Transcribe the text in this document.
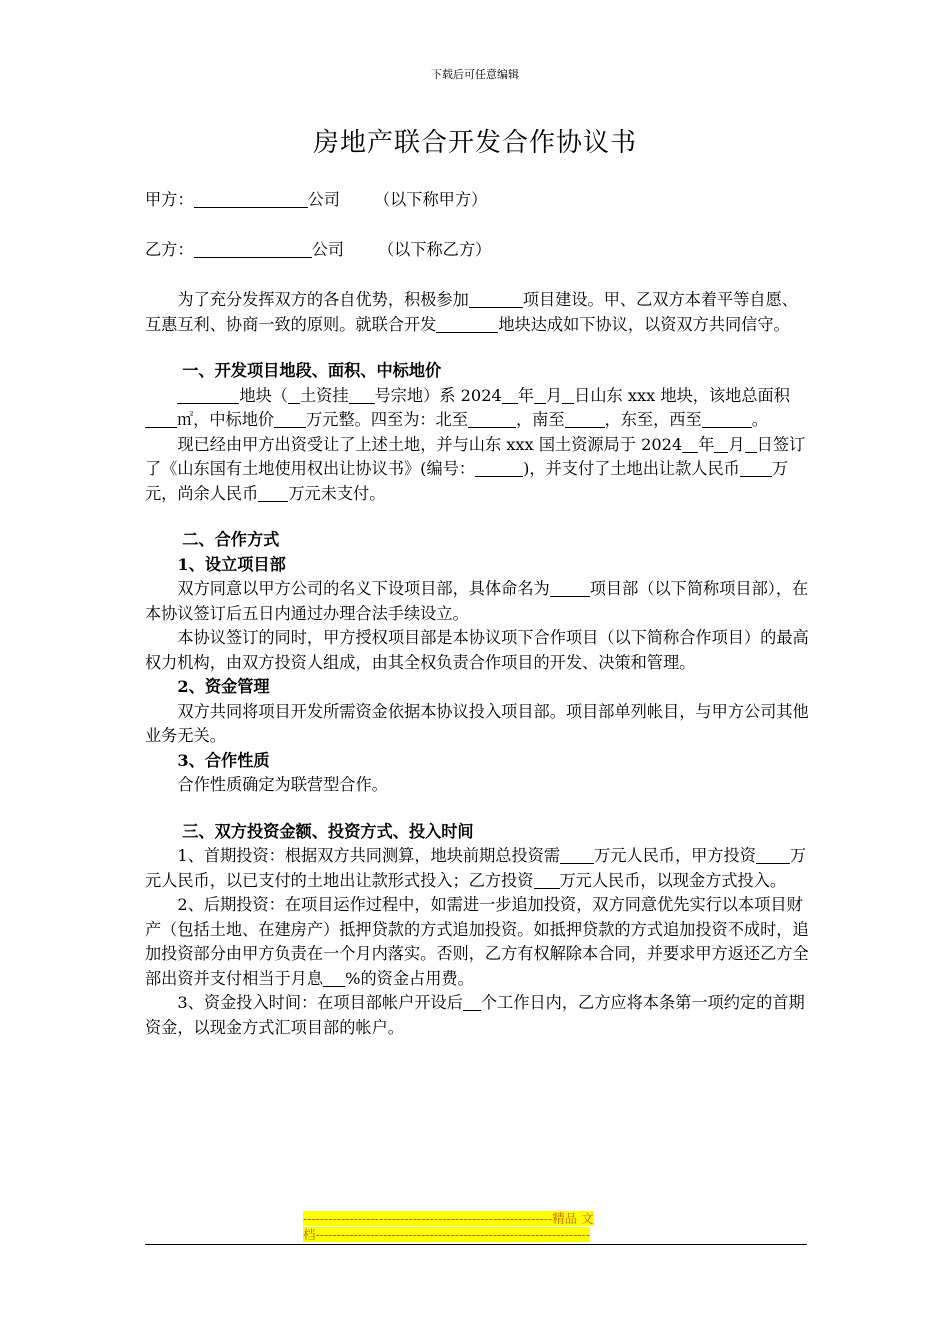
下载后可任意编辑
房地产联合开发合作协议书
甲方：	公司 （以下称甲方）
乙方：	公司 （以下称乙方）

为了充分发挥双方的各自优势，积极参加	项目建设。甲、乙双方本着平等自愿、互惠互利、协商一致的原则。就联合开发	地块达成如下协议，以资双方共同信守。

一、开发项目地段、面积、中标地价

地块（ 土资挂 号宗地）系 2024 年 月 日山东 xxx 地块，该地总面积㎡，中标地价 万元整。四至为：北至	，南至 ，东至，西至	。

现已经由甲方出资受让了上述土地，并与山东 xxx 国土资源局于 2024 年 月 日签订了《山东国有土地使用权出让协议书》(编号：	)，并支付了土地出让款人民币 万元，尚余人民币 万元未支付。

二、合作方式
1、设立项目部

双方同意以甲方公司的名义下设项目部，具体命名为 项目部（以下简称项目部），在本协议签订后五日内通过办理合法手续设立。

本协议签订的同时，甲方授权项目部是本协议项下合作项目（以下简称合作项目）的最高权力机构，由双方投资人组成，由其全权负责合作项目的开发、决策和管理。

2、资金管理

双方共同将项目开发所需资金依据本协议投入项目部。项目部单列帐目，与甲方公司其他业务无关。

3、合作性质

合作性质确定为联营型合作。

三、双方投资金额、投资方式、投入时间

1、首期投资：根据双方共同测算，地块前期总投资需 万元人民币，甲方投资 万元人民币，以已支付的土地出让款形式投入；乙方投资 万元人民币，以现金方式投入。

2、后期投资：在项目运作过程中，如需进一步追加投资，双方同意优先实行以本项目财产（包括土地、在建房产）抵押贷款的方式追加投资。如抵押贷款的方式追加投资不成时，追加投资部分由甲方负责在一个月内落实。否则，乙方有权解除本合同，并要求甲方返还乙方全部出资并支付相当于月息 %的资金占用费。

3、资金投入时间：在项目部帐户开设后 个工作日内，乙方应将本条第一项约定的首期资金，以现金方式汇项目部的帐户。

-----------------------------------------------------------精品 文
档-----------------------------------------------------------------
